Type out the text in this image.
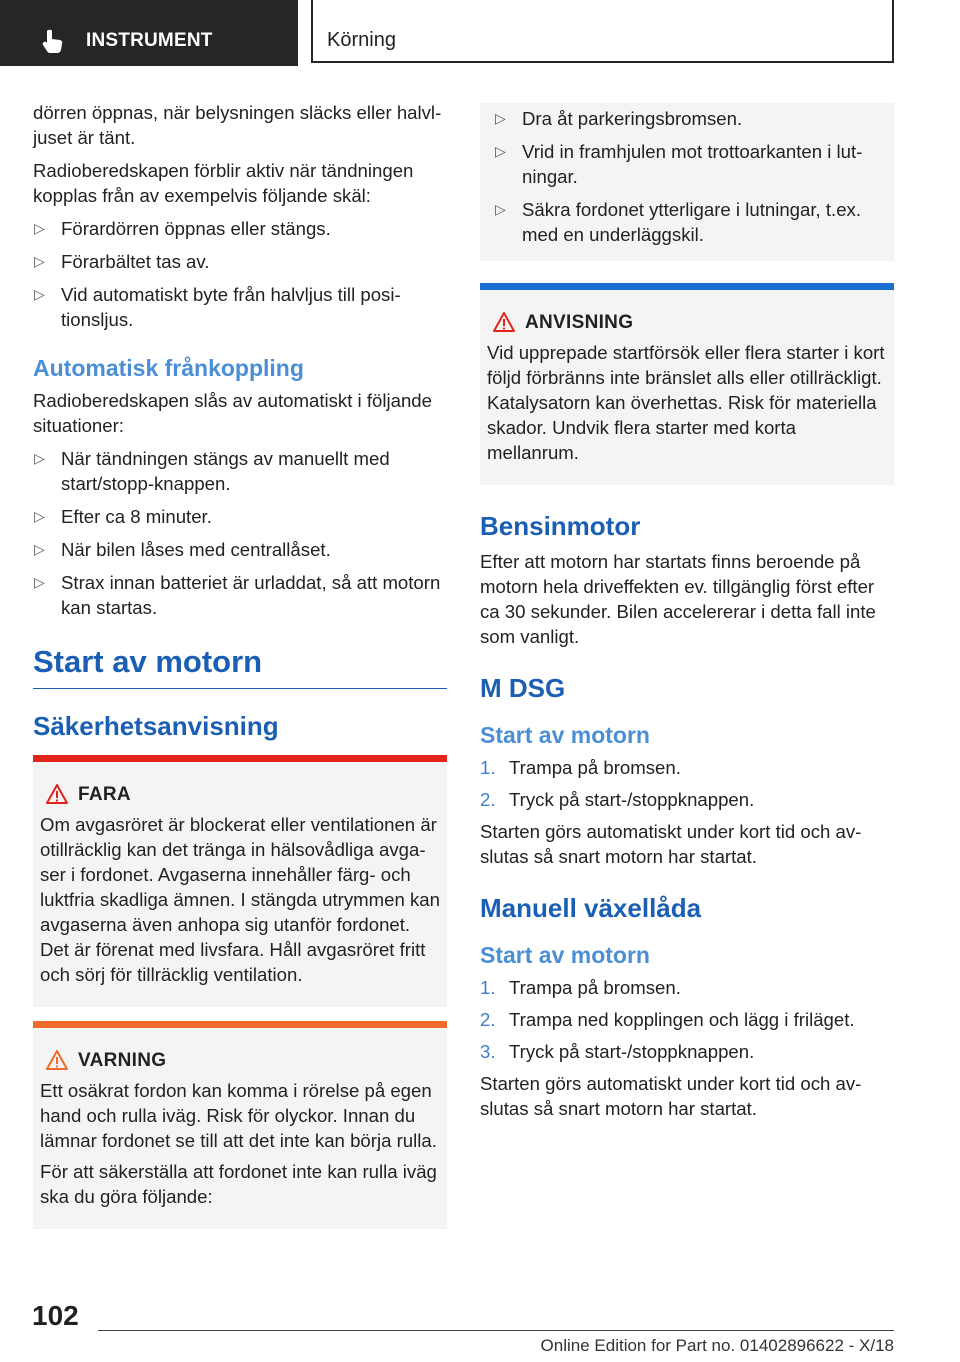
INSTRUMENT	Körning

dörren öppnas, när belysningen släcks eller halvljuset är tänt.

Radioberedskapen förblir aktiv när tändningen kopplas från av exempelvis följande skäl:

▷ Förardörren öppnas eller stängs.
▷ Förarbältet tas av.
▷ Vid automatiskt byte från halvljus till positionsljus.
Automatisk frånkoppling

Radioberedskapen slås av automatiskt i följande situationer:

▷ När tändningen stängs av manuellt med start/stopp-knappen.
▷ Efter ca 8 minuter.
▷ När bilen låses med centrallåset.
▷ Strax innan batteriet är urladdat, så att motorn kan startas.
Start av motorn
Säkerhetsanvisning
FARA

Om avgasröret är blockerat eller ventilationen är otillräcklig kan det tränga in hälsovådliga avgaser i fordonet. Avgaserna innehåller färg- och luktfria skadliga ämnen. I stängda utrymmen kan avgaserna även anhopa sig utanför fordonet. Det är förenat med livsfara. Håll avgasröret fritt och sörj för tillräcklig ventilation.

VARNING

Ett osäkrat fordon kan komma i rörelse på egen hand och rulla iväg. Risk för olyckor. Innan du lämnar fordonet se till att det inte kan börja rulla.

För att säkerställa att fordonet inte kan rulla iväg ska du göra följande:

▷ Dra åt parkeringsbromsen.
▷ Vrid in framhjulen mot trottoarkanten i lutningar.
▷ Säkra fordonet ytterligare i lutningar, t.ex. med en underläggskil.
ANVISNING

Vid upprepade startförsök eller flera starter i kort följd förbränns inte bränslet alls eller otillräckligt. Katalysatorn kan överhettas. Risk för materiella skador. Undvik flera starter med korta mellanrum.

Bensinmotor

Efter att motorn har startats finns beroende på motorn hela driveffekten ev. tillgänglig först efter ca 30 sekunder. Bilen accelererar i detta fall inte som vanligt.

M DSG
Start av motorn
1. Trampa på bromsen.
2. Tryck på start-/stoppknappen.

Starten görs automatiskt under kort tid och avslutas så snart motorn har startat.

Manuell växellåda
Start av motorn
1. Trampa på bromsen.
2. Trampa ned kopplingen och lägg i friläget.
3. Tryck på start-/stoppknappen.

Starten görs automatiskt under kort tid och avslutas så snart motorn har startat.

102
Online Edition for Part no. 01402896622 - X/18
